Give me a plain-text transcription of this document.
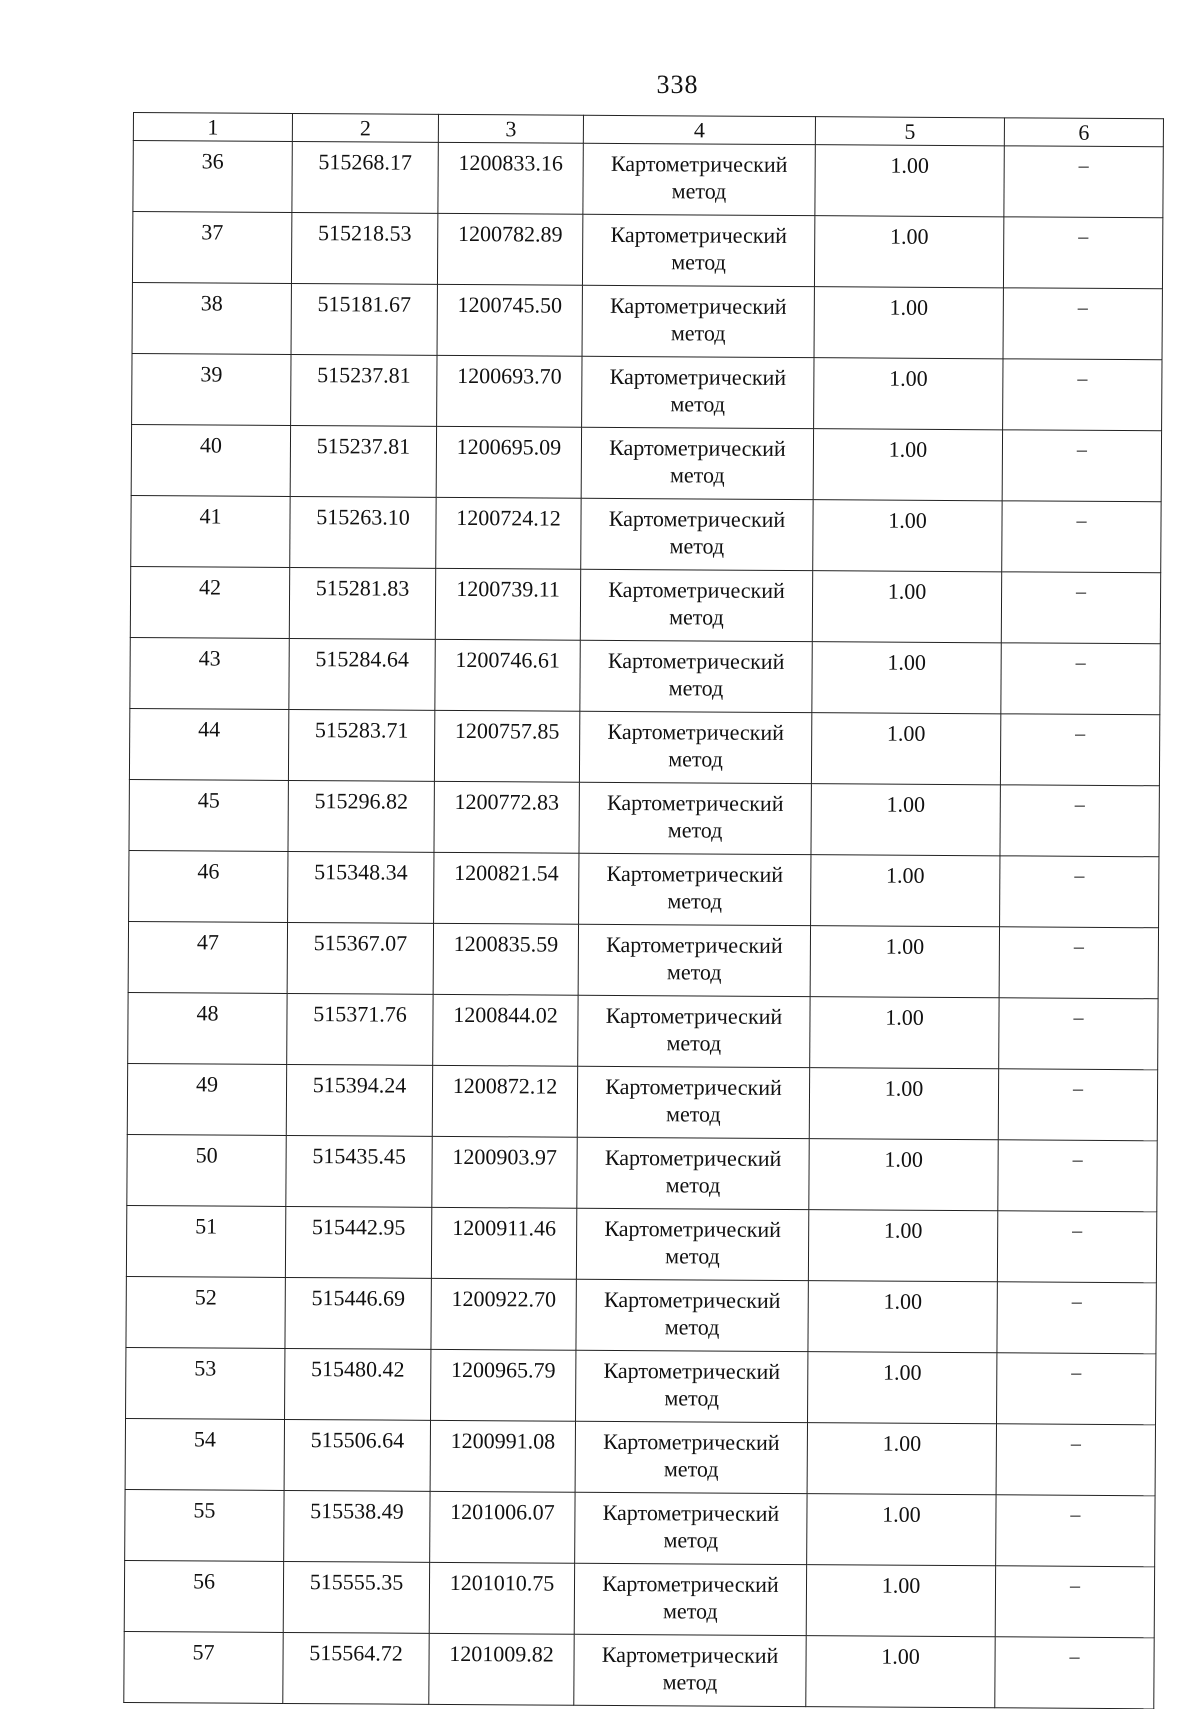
338
1	2	3	4	5	6
36	515268.17	1200833.16	Картометрический метод	1.00	–
37	515218.53	1200782.89	Картометрический метод	1.00	–
38	515181.67	1200745.50	Картометрический метод	1.00	–
39	515237.81	1200693.70	Картометрический метод	1.00	–
40	515237.81	1200695.09	Картометрический метод	1.00	–
41	515263.10	1200724.12	Картометрический метод	1.00	–
42	515281.83	1200739.11	Картометрический метод	1.00	–
43	515284.64	1200746.61	Картометрический метод	1.00	–
44	515283.71	1200757.85	Картометрический метод	1.00	–
45	515296.82	1200772.83	Картометрический метод	1.00	–
46	515348.34	1200821.54	Картометрический метод	1.00	–
47	515367.07	1200835.59	Картометрический метод	1.00	–
48	515371.76	1200844.02	Картометрический метод	1.00	–
49	515394.24	1200872.12	Картометрический метод	1.00	–
50	515435.45	1200903.97	Картометрический метод	1.00	–
51	515442.95	1200911.46	Картометрический метод	1.00	–
52	515446.69	1200922.70	Картометрический метод	1.00	–
53	515480.42	1200965.79	Картометрический метод	1.00	–
54	515506.64	1200991.08	Картометрический метод	1.00	–
55	515538.49	1201006.07	Картометрический метод	1.00	–
56	515555.35	1201010.75	Картометрический метод	1.00	–
57	515564.72	1201009.82	Картометрический метод	1.00	–
